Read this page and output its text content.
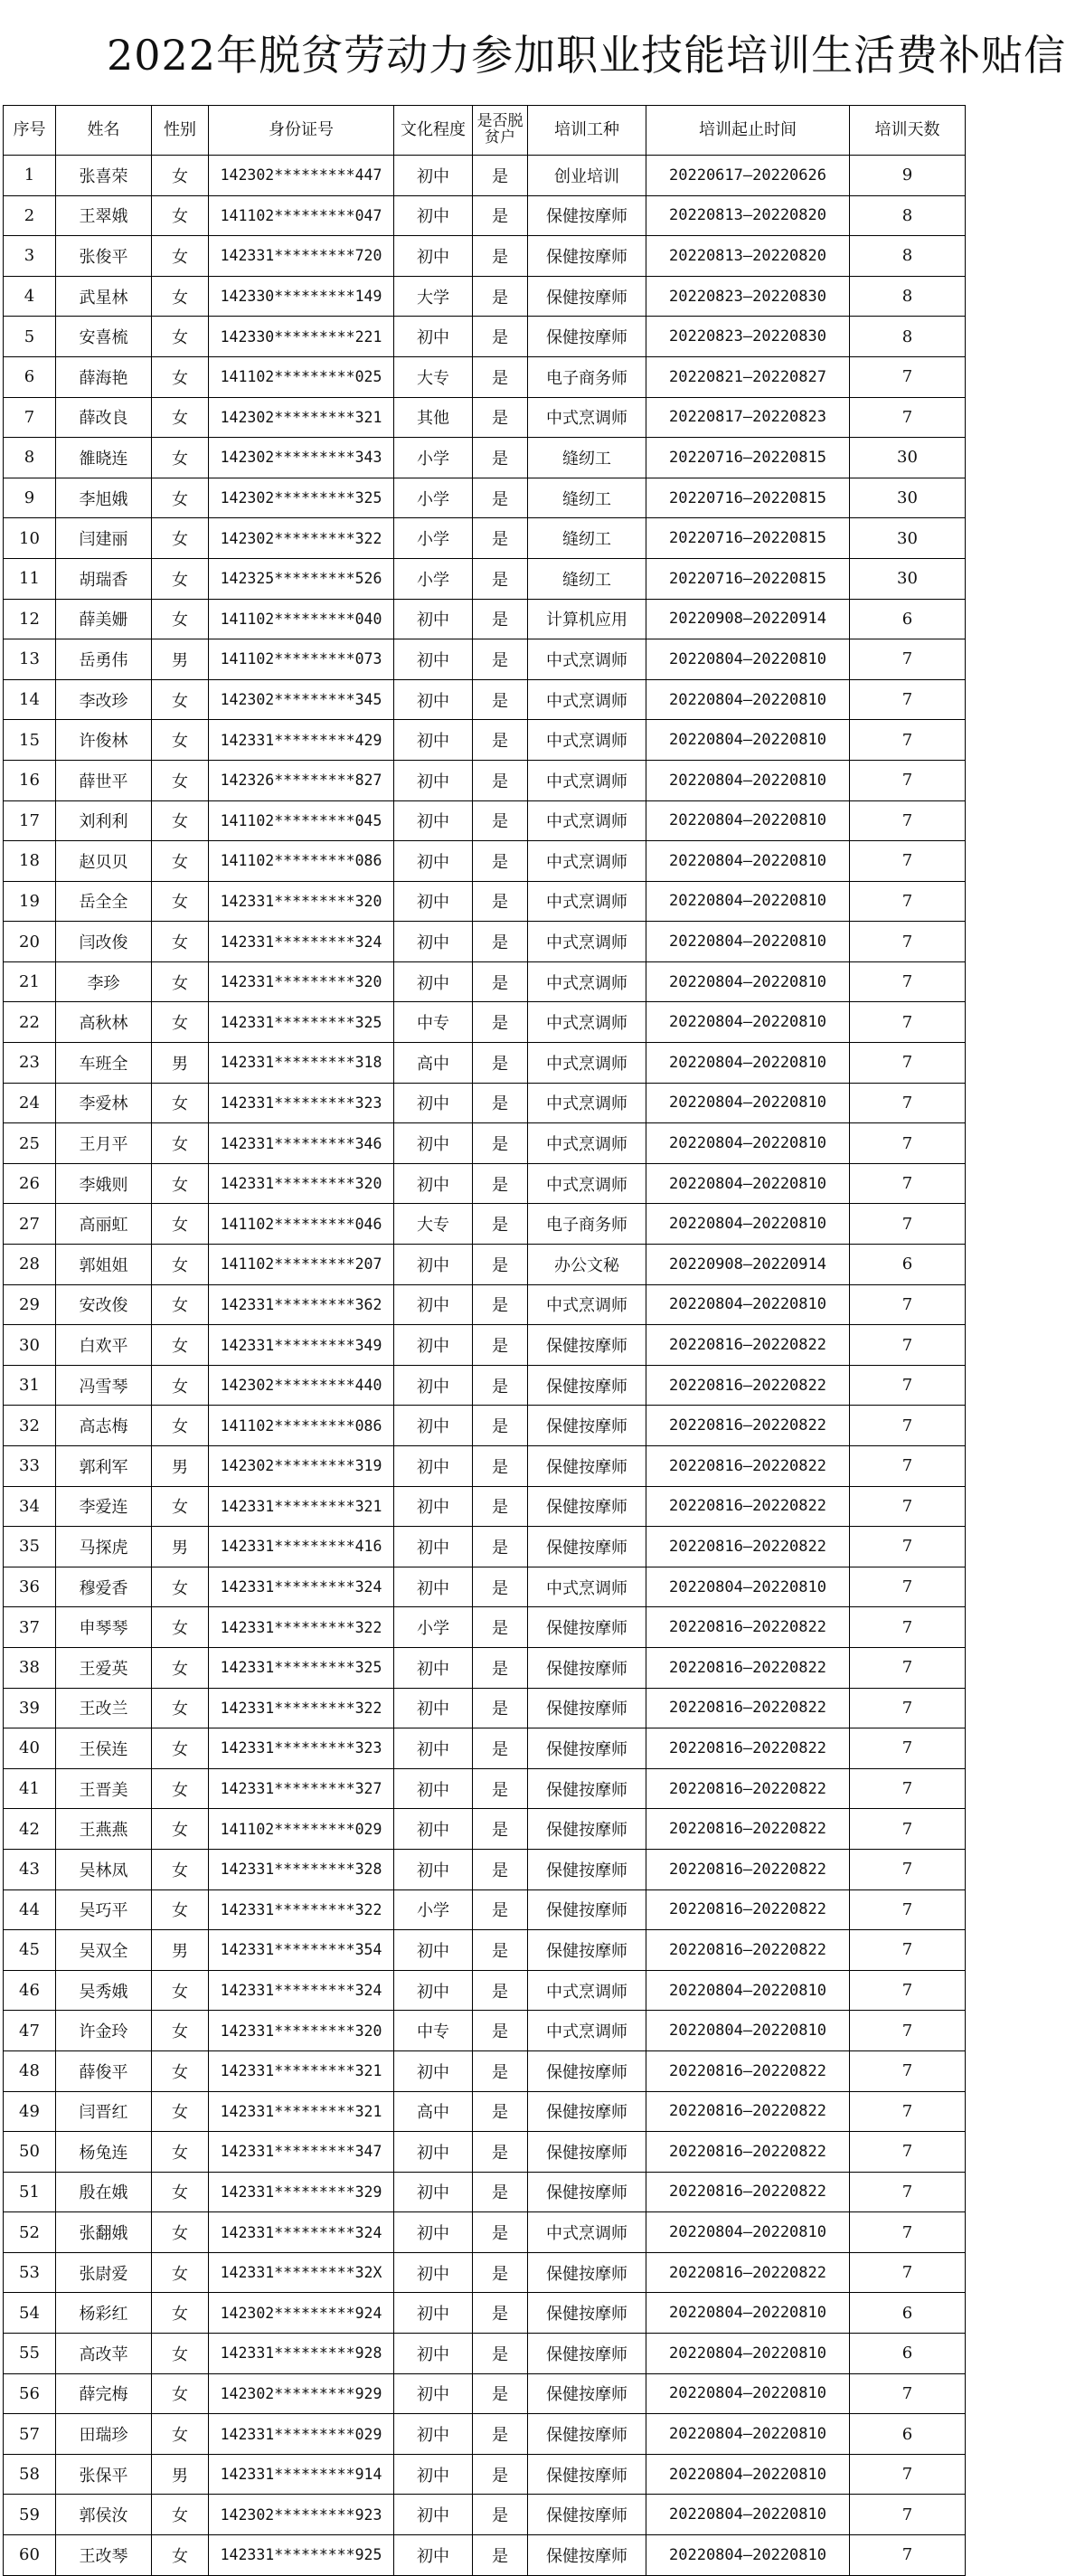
2022年脱贫劳动力参加职业技能培训生活费补贴信
序号	姓名	性别	身份证号	文化程度	是否脱贫户	培训工种	培训起止时间	培训天数
1	张喜荣	女	142302*********447	初中	是	创业培训	20220617—20220626	9
2	王翠娥	女	141102*********047	初中	是	保健按摩师	20220813—20220820	8
3	张俊平	女	142331*********720	初中	是	保健按摩师	20220813—20220820	8
4	武星林	女	142330*********149	大学	是	保健按摩师	20220823—20220830	8
5	安喜梳	女	142330*********221	初中	是	保健按摩师	20220823—20220830	8
6	薛海艳	女	141102*********025	大专	是	电子商务师	20220821—20220827	7
7	薛改良	女	142302*********321	其他	是	中式烹调师	20220817—20220823	7
8	雒晓连	女	142302*********343	小学	是	缝纫工	20220716—20220815	30
9	李旭娥	女	142302*********325	小学	是	缝纫工	20220716—20220815	30
10	闫建丽	女	142302*********322	小学	是	缝纫工	20220716—20220815	30
11	胡瑞香	女	142325*********526	小学	是	缝纫工	20220716—20220815	30
12	薛美姗	女	141102*********040	初中	是	计算机应用	20220908—20220914	6
13	岳勇伟	男	141102*********073	初中	是	中式烹调师	20220804—20220810	7
14	李改珍	女	142302*********345	初中	是	中式烹调师	20220804—20220810	7
15	许俊林	女	142331*********429	初中	是	中式烹调师	20220804—20220810	7
16	薛世平	女	142326*********827	初中	是	中式烹调师	20220804—20220810	7
17	刘利利	女	141102*********045	初中	是	中式烹调师	20220804—20220810	7
18	赵贝贝	女	141102*********086	初中	是	中式烹调师	20220804—20220810	7
19	岳全全	女	142331*********320	初中	是	中式烹调师	20220804—20220810	7
20	闫改俊	女	142331*********324	初中	是	中式烹调师	20220804—20220810	7
21	李珍	女	142331*********320	初中	是	中式烹调师	20220804—20220810	7
22	高秋林	女	142331*********325	中专	是	中式烹调师	20220804—20220810	7
23	车班全	男	142331*********318	高中	是	中式烹调师	20220804—20220810	7
24	李爱林	女	142331*********323	初中	是	中式烹调师	20220804—20220810	7
25	王月平	女	142331*********346	初中	是	中式烹调师	20220804—20220810	7
26	李娥则	女	142331*********320	初中	是	中式烹调师	20220804—20220810	7
27	高丽虹	女	141102*********046	大专	是	电子商务师	20220804—20220810	7
28	郭姐姐	女	141102*********207	初中	是	办公文秘	20220908—20220914	6
29	安改俊	女	142331*********362	初中	是	中式烹调师	20220804—20220810	7
30	白欢平	女	142331*********349	初中	是	保健按摩师	20220816—20220822	7
31	冯雪琴	女	142302*********440	初中	是	保健按摩师	20220816—20220822	7
32	高志梅	女	141102*********086	初中	是	保健按摩师	20220816—20220822	7
33	郭利军	男	142302*********319	初中	是	保健按摩师	20220816—20220822	7
34	李爱连	女	142331*********321	初中	是	保健按摩师	20220816—20220822	7
35	马探虎	男	142331*********416	初中	是	保健按摩师	20220816—20220822	7
36	穆爱香	女	142331*********324	初中	是	中式烹调师	20220804—20220810	7
37	申琴琴	女	142331*********322	小学	是	保健按摩师	20220816—20220822	7
38	王爱英	女	142331*********325	初中	是	保健按摩师	20220816—20220822	7
39	王改兰	女	142331*********322	初中	是	保健按摩师	20220816—20220822	7
40	王侯连	女	142331*********323	初中	是	保健按摩师	20220816—20220822	7
41	王晋美	女	142331*********327	初中	是	保健按摩师	20220816—20220822	7
42	王燕燕	女	141102*********029	初中	是	保健按摩师	20220816—20220822	7
43	吴林凤	女	142331*********328	初中	是	保健按摩师	20220816—20220822	7
44	吴巧平	女	142331*********322	小学	是	保健按摩师	20220816—20220822	7
45	吴双全	男	142331*********354	初中	是	保健按摩师	20220816—20220822	7
46	吴秀娥	女	142331*********324	初中	是	中式烹调师	20220804—20220810	7
47	许金玲	女	142331*********320	中专	是	中式烹调师	20220804—20220810	7
48	薛俊平	女	142331*********321	初中	是	保健按摩师	20220816—20220822	7
49	闫晋红	女	142331*********321	高中	是	保健按摩师	20220816—20220822	7
50	杨兔连	女	142331*********347	初中	是	保健按摩师	20220816—20220822	7
51	殷在娥	女	142331*********329	初中	是	保健按摩师	20220816—20220822	7
52	张翻娥	女	142331*********324	初中	是	中式烹调师	20220804—20220810	7
53	张尉爱	女	142331*********32X	初中	是	保健按摩师	20220816—20220822	7
54	杨彩红	女	142302*********924	初中	是	保健按摩师	20220804—20220810	6
55	高改苹	女	142331*********928	初中	是	保健按摩师	20220804—20220810	6
56	薛完梅	女	142302*********929	初中	是	保健按摩师	20220804—20220810	7
57	田瑞珍	女	142331*********029	初中	是	保健按摩师	20220804—20220810	6
58	张保平	男	142331*********914	初中	是	保健按摩师	20220804—20220810	7
59	郭侯汝	女	142302*********923	初中	是	保健按摩师	20220804—20220810	7
60	王改琴	女	142331*********925	初中	是	保健按摩师	20220804—20220810	7
